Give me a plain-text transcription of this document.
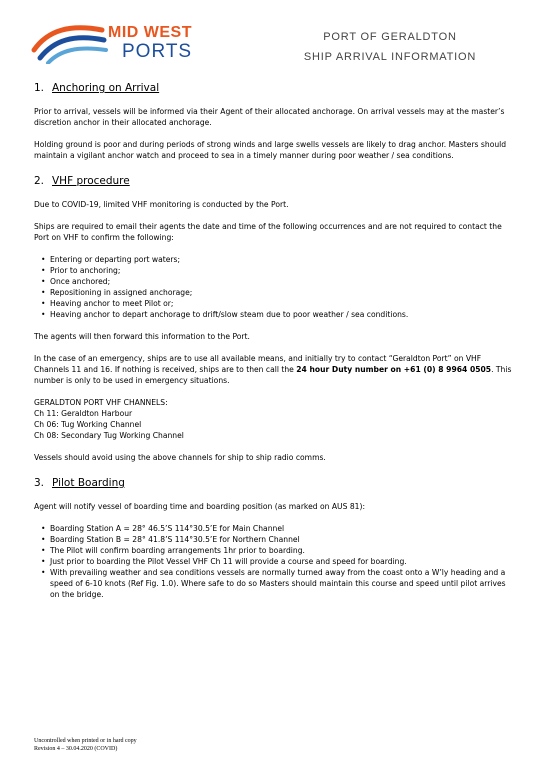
MID WEST
PORTS
PORT OF GERALDTON
SHIP ARRIVAL INFORMATION
1. Anchoring on Arrival

Prior to arrival, vessels will be informed via their Agent of their allocated anchorage. On arrival vessels may at the master’s discretion anchor in their allocated anchorage.

Holding ground is poor and during periods of strong winds and large swells vessels are likely to drag anchor. Masters should maintain a vigilant anchor watch and proceed to sea in a timely manner during poor weather / sea conditions.

2. VHF procedure

Due to COVID-19, limited VHF monitoring is conducted by the Port.

Ships are required to email their agents the date and time of the following occurrences and are not required to contact the Port on VHF to confirm the following:

• Entering or departing port waters;
• Prior to anchoring;
• Once anchored;
• Repositioning in assigned anchorage;
• Heaving anchor to meet Pilot or;
• Heaving anchor to depart anchorage to drift/slow steam due to poor weather / sea conditions.

The agents will then forward this information to the Port.

In the case of an emergency, ships are to use all available means, and initially try to contact “Geraldton Port” on VHF Channels 11 and 16. If nothing is received, ships are to then call the 24 hour Duty number on +61 (0) 8 9964 0505. This number is only to be used in emergency situations.

GERALDTON PORT VHF CHANNELS:

Ch 11: Geraldton Harbour

Ch 06: Tug Working Channel

Ch 08: Secondary Tug Working Channel

Vessels should avoid using the above channels for ship to ship radio comms.

3. Pilot Boarding

Agent will notify vessel of boarding time and boarding position (as marked on AUS 81):

• Boarding Station A = 28° 46.5’S 114°30.5’E for Main Channel
• Boarding Station B = 28° 41.8’S 114°30.5’E for Northern Channel
• The Pilot will confirm boarding arrangements 1hr prior to boarding.
• Just prior to boarding the Pilot Vessel VHF Ch 11 will provide a course and speed for boarding.
• With prevailing weather and sea conditions vessels are normally turned away from the coast onto a W’ly heading and a speed of 6-10 knots (Ref Fig. 1.0). Where safe to do so Masters should maintain this course and speed until pilot arrives on the bridge.
Uncontrolled when printed or in hard copy
Revision 4 – 30.04.2020 (COVID)
